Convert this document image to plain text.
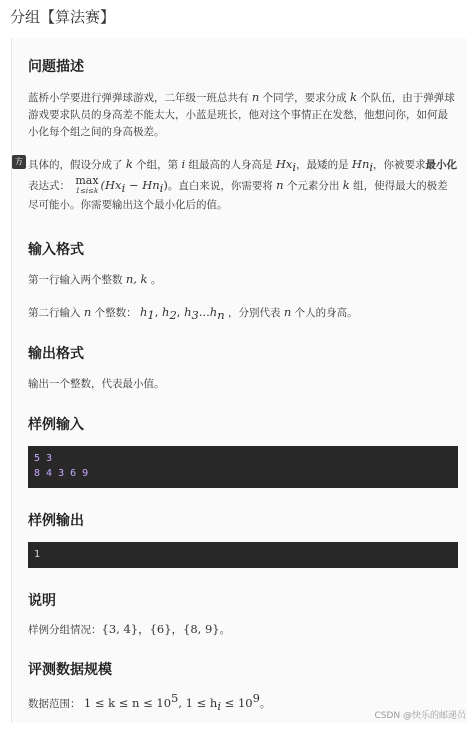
分组【算法赛】
方
问题描述

蓝桥小学要进行弹弹球游戏，二年级一班总共有 n 个同学，要求分成 k 个队伍，由于弹弹球游戏要求队员的身高差不能太大，小蓝是班长，他对这个事情正在发愁，他想问你，如何最小化每个组之间的身高极差。

具体的，假设分成了 k 个组，第 i 组最高的人身高是 $Hx_i$，最矮的是 $Hn_i$，你被要求最小化表达式： max
1≤i≤k $(Hx_i - Hn_i)$。直白来说，你需要将 n 个元素分出 k 组，使得最大的极差尽可能小。你需要输出这个最小化后的值。

输入格式

第一行输入两个整数 n, k 。

第二行输入 n 个整数： $h_1$, $h_2$, $h_3...h_n$ ，分别代表 n 个人的身高。

输出格式

输出一个整数，代表最小值。

样例输入
5 3
8 4 3 6 9
样例输出
1
说明

样例分组情况：{3, 4}，{6}，{8, 9}。

评测数据规模

数据范围： $1 \le k \le n \le 10^5$, $1 \le h_i \le 10^9$。

CSDN @快乐的邮递员
